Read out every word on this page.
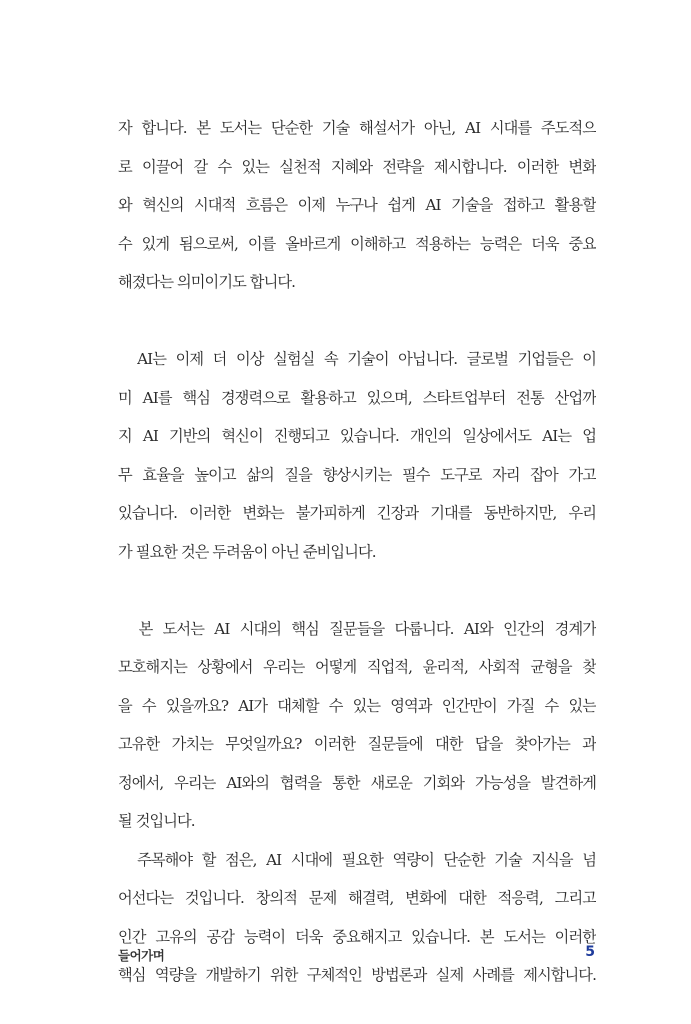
자 합니다. 본 도서는 단순한 기술 해설서가 아닌, AI 시대를 주도적으
로 이끌어 갈 수 있는 실천적 지혜와 전략을 제시합니다. 이러한 변화
와 혁신의 시대적 흐름은 이제 누구나 쉽게 AI 기술을 접하고 활용할
수 있게 됨으로써, 이를 올바르게 이해하고 적용하는 능력은 더욱 중요
해졌다는 의미이기도 합니다.
AI는 이제 더 이상 실험실 속 기술이 아닙니다. 글로벌 기업들은 이
미 AI를 핵심 경쟁력으로 활용하고 있으며, 스타트업부터 전통 산업까
지 AI 기반의 혁신이 진행되고 있습니다. 개인의 일상에서도 AI는 업
무 효율을 높이고 삶의 질을 향상시키는 필수 도구로 자리 잡아 가고
있습니다. 이러한 변화는 불가피하게 긴장과 기대를 동반하지만, 우리
가 필요한 것은 두려움이 아닌 준비입니다.
본 도서는 AI 시대의 핵심 질문들을 다룹니다. AI와 인간의 경계가
모호해지는 상황에서 우리는 어떻게 직업적, 윤리적, 사회적 균형을 찾
을 수 있을까요? AI가 대체할 수 있는 영역과 인간만이 가질 수 있는
고유한 가치는 무엇일까요? 이러한 질문들에 대한 답을 찾아가는 과
정에서, 우리는 AI와의 협력을 통한 새로운 기회와 가능성을 발견하게
될 것입니다.
주목해야 할 점은, AI 시대에 필요한 역량이 단순한 기술 지식을 넘
어선다는 것입니다. 창의적 문제 해결력, 변화에 대한 적응력, 그리고
인간 고유의 공감 능력이 더욱 중요해지고 있습니다. 본 도서는 이러한
핵심 역량을 개발하기 위한 구체적인 방법론과 실제 사례를 제시합니다.
들어가며	5
